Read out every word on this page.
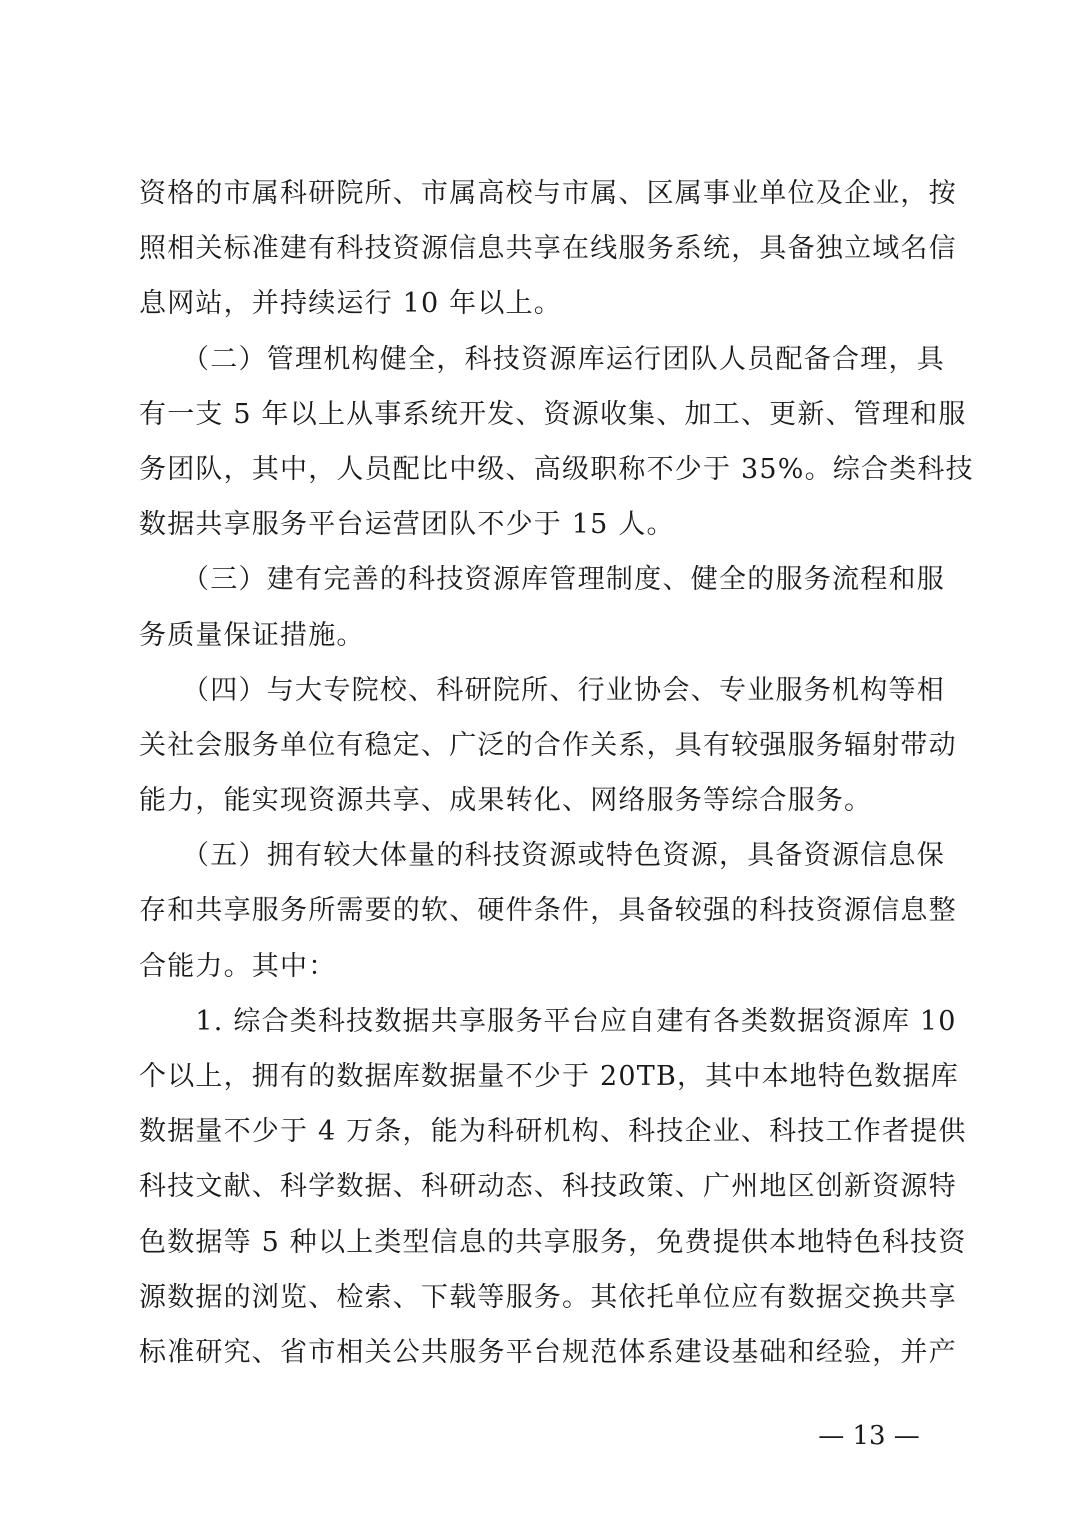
资格的市属科研院所、市属高校与市属、区属事业单位及企业，按
照相关标准建有科技资源信息共享在线服务系统，具备独立域名信
息网站，并持续运行 10 年以上。
　　（二）管理机构健全，科技资源库运行团队人员配备合理，具
有一支 5 年以上从事系统开发、资源收集、加工、更新、管理和服
务团队，其中，人员配比中级、高级职称不少于 35%。综合类科技
数据共享服务平台运营团队不少于 15 人。
　　（三）建有完善的科技资源库管理制度、健全的服务流程和服
务质量保证措施。
　　（四）与大专院校、科研院所、行业协会、专业服务机构等相
关社会服务单位有稳定、广泛的合作关系，具有较强服务辐射带动
能力，能实现资源共享、成果转化、网络服务等综合服务。
　　（五）拥有较大体量的科技资源或特色资源，具备资源信息保
存和共享服务所需要的软、硬件条件，具备较强的科技资源信息整
合能力。其中：
　　1. 综合类科技数据共享服务平台应自建有各类数据资源库 10
个以上，拥有的数据库数据量不少于 20TB，其中本地特色数据库
数据量不少于 4 万条，能为科研机构、科技企业、科技工作者提供
科技文献、科学数据、科研动态、科技政策、广州地区创新资源特
色数据等 5 种以上类型信息的共享服务，免费提供本地特色科技资
源数据的浏览、检索、下载等服务。其依托单位应有数据交换共享
标准研究、省市相关公共服务平台规范体系建设基础和经验，并产
— 13 —
